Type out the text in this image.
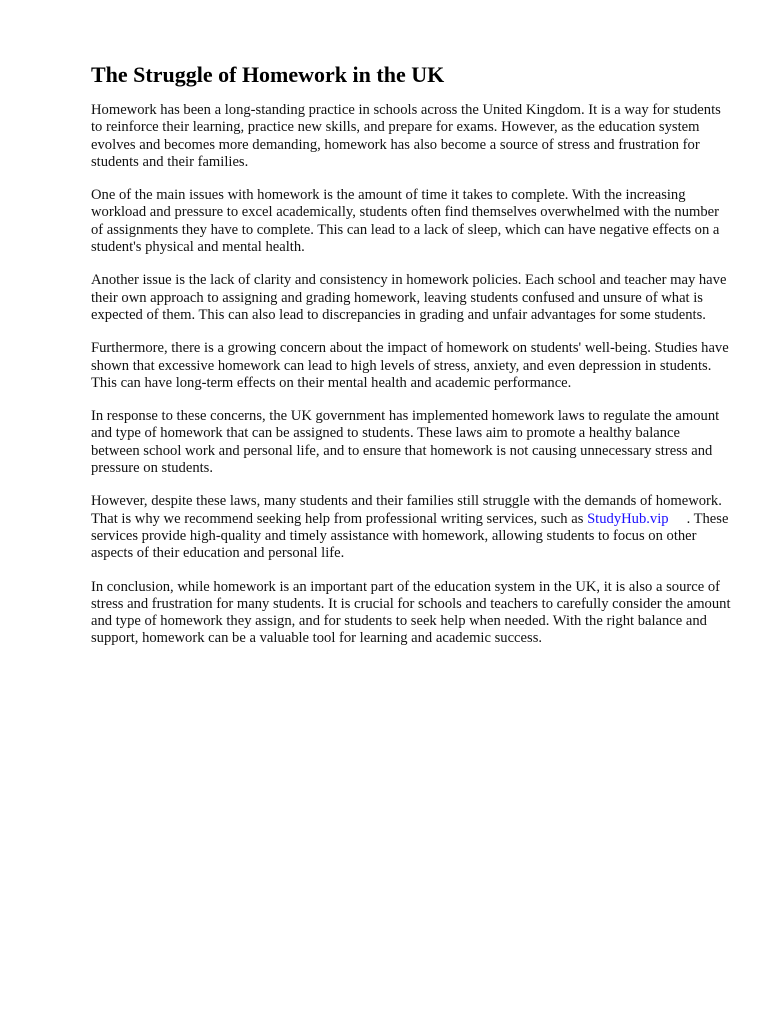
The Struggle of Homework in the UK

Homework has been a long-standing practice in schools across the United Kingdom. It is a way for students to reinforce their learning, practice new skills, and prepare for exams. However, as the education system evolves and becomes more demanding, homework has also become a source of stress and frustration for students and their families.

One of the main issues with homework is the amount of time it takes to complete. With the increasing workload and pressure to excel academically, students often find themselves overwhelmed with the number of assignments they have to complete. This can lead to a lack of sleep, which can have negative effects on a student's physical and mental health.

Another issue is the lack of clarity and consistency in homework policies. Each school and teacher may have their own approach to assigning and grading homework, leaving students confused and unsure of what is expected of them. This can also lead to discrepancies in grading and unfair advantages for some students.

Furthermore, there is a growing concern about the impact of homework on students' well-being. Studies have shown that excessive homework can lead to high levels of stress, anxiety, and even depression in students. This can have long-term effects on their mental health and academic performance.

In response to these concerns, the UK government has implemented homework laws to regulate the amount and type of homework that can be assigned to students. These laws aim to promote a healthy balance between school work and personal life, and to ensure that homework is not causing unnecessary stress and pressure on students.

However, despite these laws, many students and their families still struggle with the demands of homework. That is why we recommend seeking help from professional writing services, such as StudyHub.vip . These services provide high-quality and timely assistance with homework, allowing students to focus on other aspects of their education and personal life.

In conclusion, while homework is an important part of the education system in the UK, it is also a source of stress and frustration for many students. It is crucial for schools and teachers to carefully consider the amount and type of homework they assign, and for students to seek help when needed. With the right balance and support, homework can be a valuable tool for learning and academic success.
